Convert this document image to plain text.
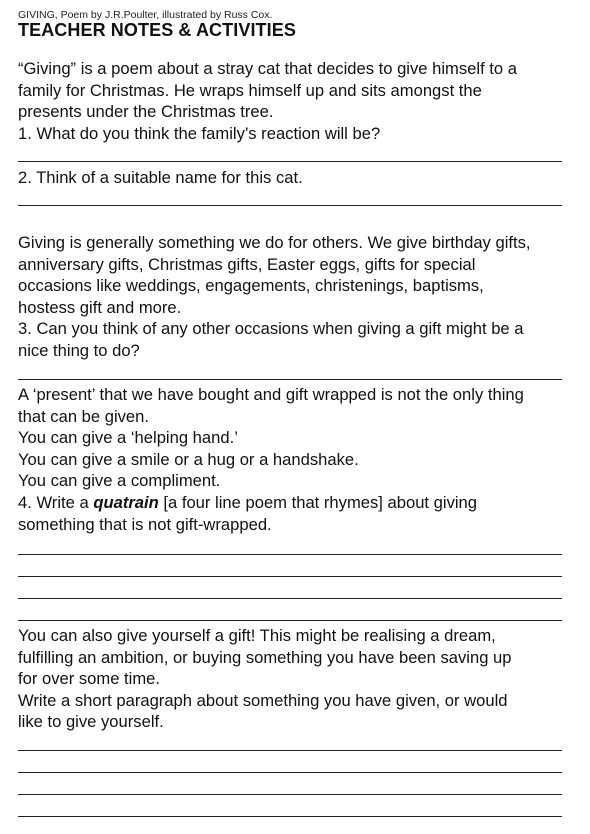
GIVING, Poem by J.R.Poulter, illustrated by Russ Cox.
TEACHER NOTES & ACTIVITIES

“Giving” is a poem about a stray cat that decides to give himself to a

family for Christmas. He wraps himself up and sits amongst the

presents under the Christmas tree.

1. What do you think the family’s reaction will be?

2. Think of a suitable name for this cat.

Giving is generally something we do for others. We give birthday gifts,

anniversary gifts, Christmas gifts, Easter eggs, gifts for special

occasions like weddings, engagements, christenings, baptisms,

hostess gift and more.

3. Can you think of any other occasions when giving a gift might be a

nice thing to do?

A ‘present’ that we have bought and gift wrapped is not the only thing

that can be given.

You can give a ‘helping hand.’

You can give a smile or a hug or a handshake.

You can give a compliment.

4. Write a quatrain [a four line poem that rhymes] about giving

something that is not gift-wrapped.

You can also give yourself a gift! This might be realising a dream,

fulfilling an ambition, or buying something you have been saving up

for over some time.

Write a short paragraph about something you have given, or would

like to give yourself.
